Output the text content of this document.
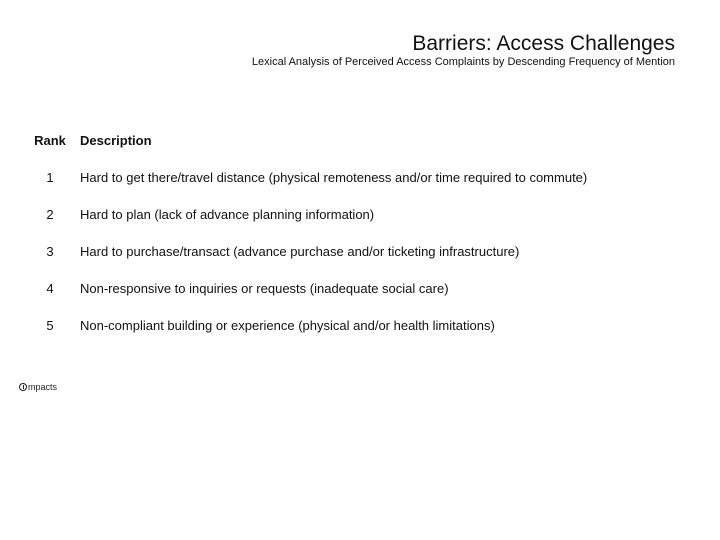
Barriers: Access Challenges
Lexical Analysis of Perceived Access Complaints by Descending Frequency of Mention
Rank	Description
1	Hard to get there/travel distance (physical remoteness and/or time required to commute)
2	Hard to plan (lack of advance planning information)
3	Hard to purchase/transact (advance purchase and/or ticketing infrastructure)
4	Non-responsive to inquiries or requests (inadequate social care)
5	Non-compliant building or experience (physical and/or health limitations)
mpacts
